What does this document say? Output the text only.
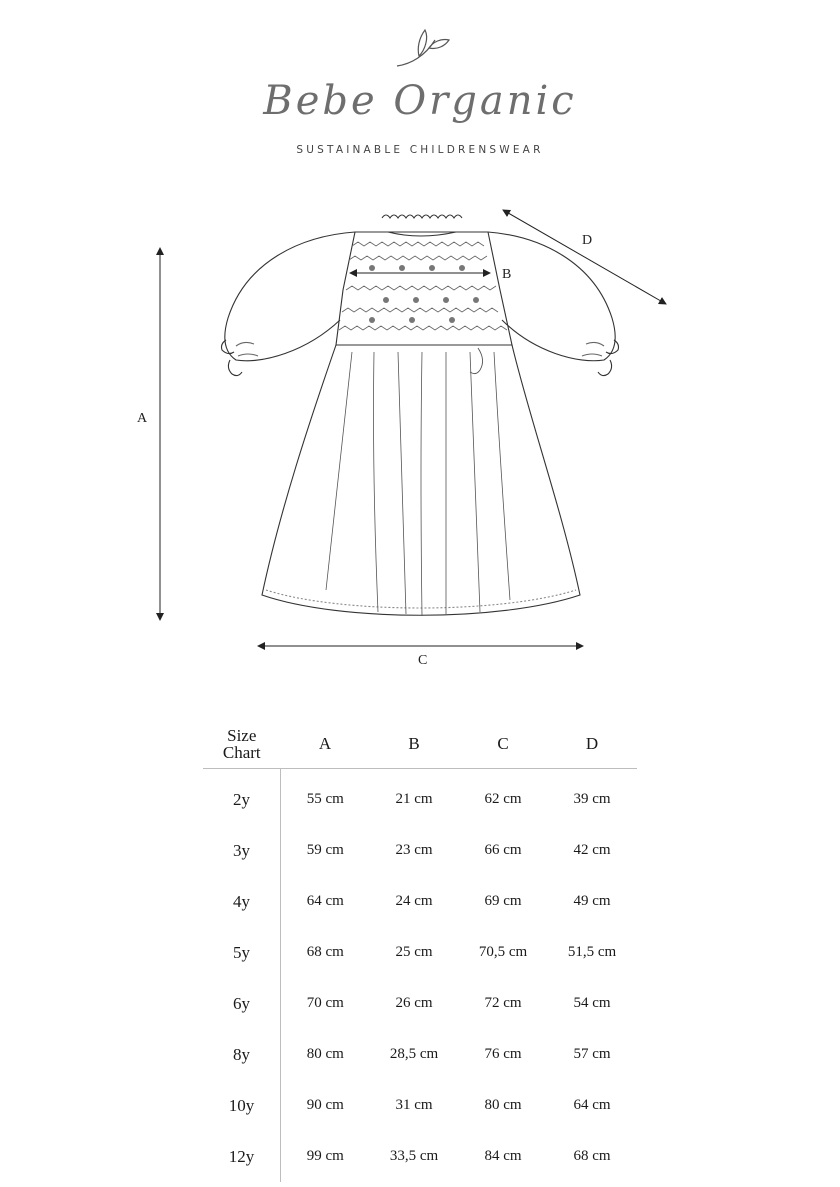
Bebe Organic
SUSTAINABLE CHILDRENSWEAR
A
B
C
D
Size
Chart	A	B	C	D
2y	55 cm	21 cm	62 cm	39 cm
3y	59 cm	23 cm	66 cm	42 cm
4y	64 cm	24 cm	69 cm	49 cm
5y	68 cm	25 cm	70,5 cm	51,5 cm
6y	70 cm	26 cm	72 cm	54 cm
8y	80 cm	28,5 cm	76 cm	57 cm
10y	90 cm	31 cm	80 cm	64 cm
12y	99 cm	33,5 cm	84 cm	68 cm
